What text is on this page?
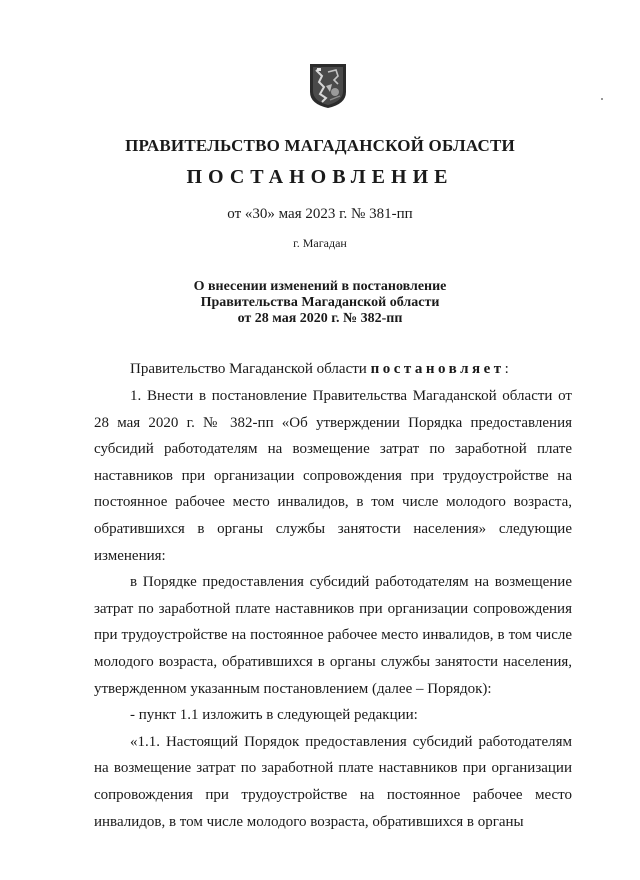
ПРАВИТЕЛЬСТВО МАГАДАНСКОЙ ОБЛАСТИ
ПОСТАНОВЛЕНИЕ
от «30» мая 2023 г. № 381-пп
г. Магадан
О внесении изменений в постановление
Правительства Магаданской области
от 28 мая 2020 г. № 382-пп
Правительство Магаданской области постановляет:

1. Внести в постановление Правительства Магаданской области от 28 мая 2020 г. № 382-пп «Об утверждении Порядка предоставления субсидий работодателям на возмещение затрат по заработной плате наставников при организации сопровождения при трудоустройстве на постоянное рабочее место инвалидов, в том числе молодого возраста, обратившихся в органы службы занятости населения» следующие изменения:

в Порядке предоставления субсидий работодателям на возмещение затрат по заработной плате наставников при организации сопровождения при трудоустройстве на постоянное рабочее место инвалидов, в том числе молодого возраста, обратившихся в органы службы занятости населения, утвержденном указанным постановлением (далее – Порядок):

- пункт 1.1 изложить в следующей редакции:

«1.1. Настоящий Порядок предоставления субсидий работодателям на возмещение затрат по заработной плате наставников при организации сопровождения при трудоустройстве на постоянное рабочее место инвалидов, в том числе молодого возраста, обратившихся в органы
